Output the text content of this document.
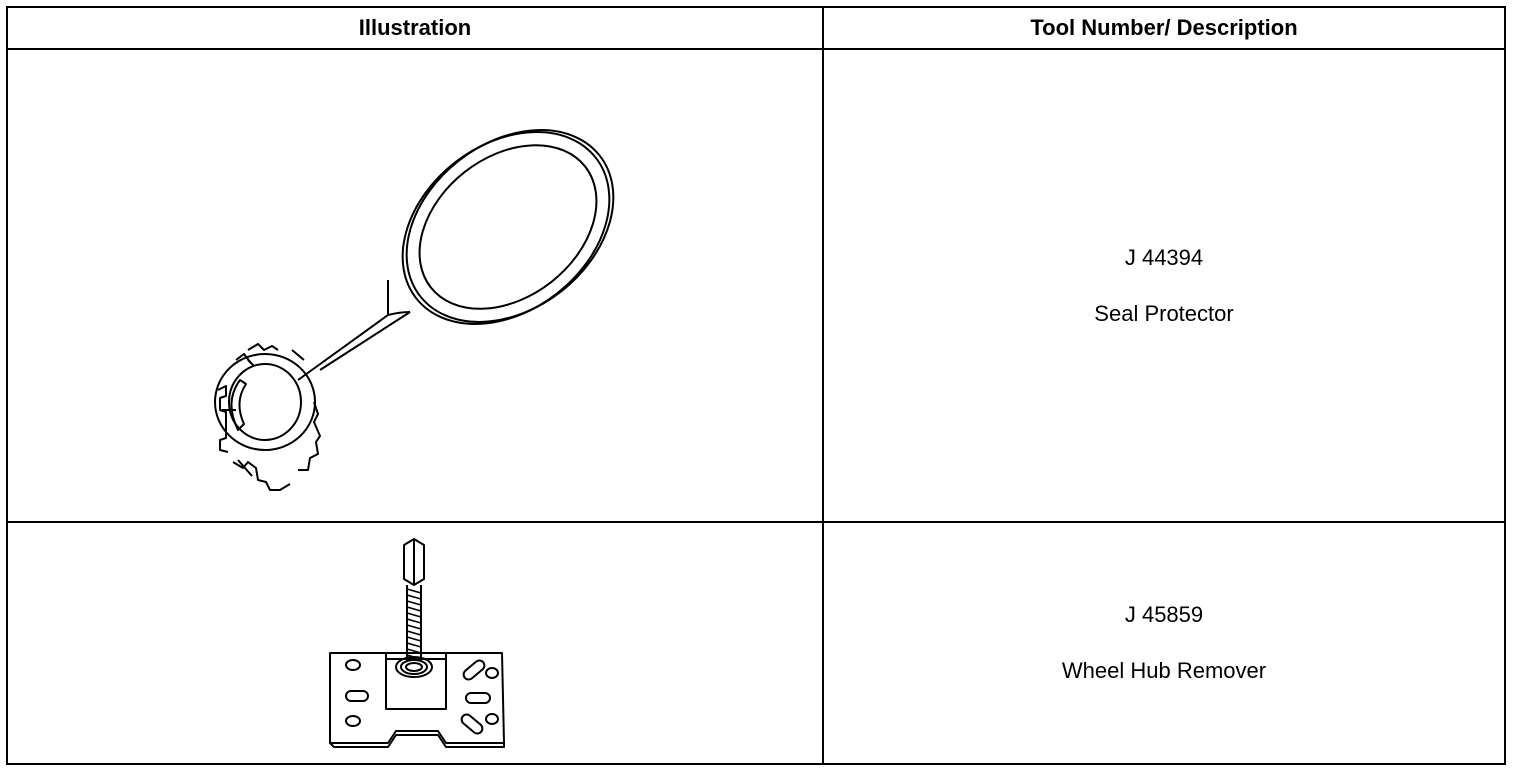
Illustration	Tool Number/ Description

J 44394
Seal Protector

J 45859
Wheel Hub Remover
